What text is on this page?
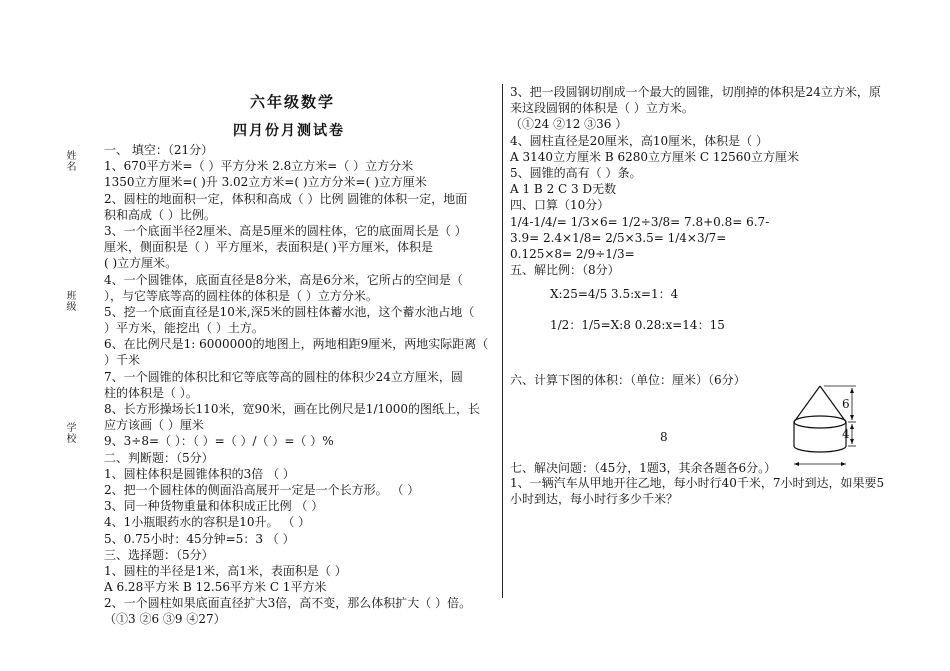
姓名
班级
学校
六年级数学
四月份月测试卷
一、 填空：（21分）
1、670平方米=（ ）平方分米 2.8立方米=（ ）立方分米
1350立方厘米=( )升 3.02立方米=( )立方分米=( )立方厘米
2、圆柱的地面积一定，体积和高成（ ）比例 圆锥的体积一定，地面
积和高成（ ）比例。
3、一个底面半径2厘米、高是5厘米的圆柱体，它的底面周长是（ ）
厘米，侧面积是（ ）平方厘米，表面积是( )平方厘米，体积是
( )立方厘米。
4、一个圆锥体，底面直径是8分米，高是6分米，它所占的空间是（
），与它等底等高的圆柱体的体积是（ ）立方分米。
5、挖一个底面直径是10米,深5米的圆柱体蓄水池，这个蓄水池占地（
）平方米，能挖出（ ）土方。
6、在比例尺是1: 6000000的地图上，两地相距9厘米，两地实际距离（
）千米
7、一个圆锥的体积比和它等底等高的圆柱的体积少24立方厘米，圆
柱的体积是（ ）。
8、长方形操场长110米，宽90米，画在比例尺是1/1000的图纸上，长
应方该画（ ）厘米
9、3÷8=（ ）：（ ）=（ ）/（ ）=（ ）%
二、判断题：（5分）
1、圆柱体积是圆锥体积的3倍 （ ）
2、把一个圆柱体的侧面沿高展开一定是一个长方形。 （ ）
3、同一种货物重量和体积成正比例 （ ）
4、1小瓶眼药水的容积是10升。 （ ）
5、0.75小时：45分钟=5：3 （ ）
三、选择题：（5分）
1、圆柱的半径是1米，高1米，表面积是（ ）
A 6.28平方米 B 12.56平方米 C 1平方米
2、一个圆柱如果底面直径扩大3倍，高不变，那么体积扩大（ ）倍。
（①3 ②6 ③9 ④27）
3、把一段圆钢切削成一个最大的圆锥，切削掉的体积是24立方米，原
来这段圆钢的体积是（ ）立方米。
（①24 ②12 ③36 ）
4、圆柱直径是20厘米，高10厘米，体积是（ ）
A 3140立方厘米 B 6280立方厘米 C 12560立方厘米
5、圆锥的高有（ ）条。
A 1 B 2 C 3 D无数
四、口算（10分）
1/4-1/4/= 1/3×6= 1/2÷3/8= 7.8+0.8= 6.7-
3.9= 2.4×1/8= 2/5×3.5= 1/4×3/7=
0.125×8= 2/9÷1/3=
五、解比例：（8分）
X:25=4/5 3.5:x=1：4
1/2：1/5=X:8 0.28:x=14：15
六、计算下图的体积：（单位：厘米）（6分）
6
4
8
七、解决问题：（45分，1题3，其余各题各6分。）
1、一辆汽车从甲地开往乙地，每小时行40千米，7小时到达，如果要5
小时到达，每小时行多少千米？
